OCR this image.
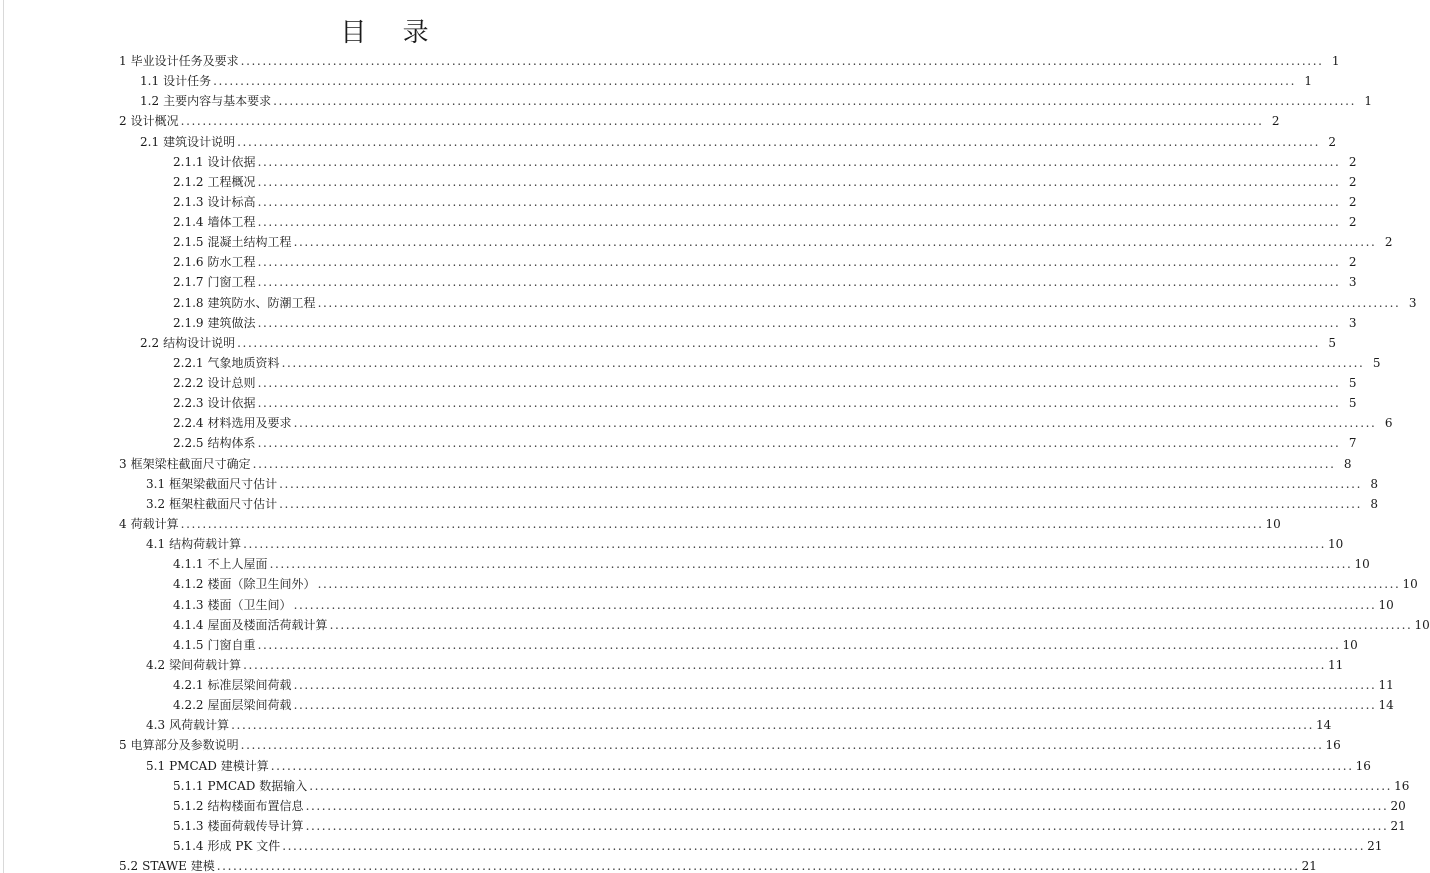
目 录
1 毕业设计任务及要求 ........................................................................................................................................................................................................ 1
1.1 设计任务 ........................................................................................................................................................................................................ 1
1.2 主要内容与基本要求 ........................................................................................................................................................................................................ 1
2 设计概况 ........................................................................................................................................................................................................ 2
2.1 建筑设计说明 ........................................................................................................................................................................................................ 2
2.1.1 设计依据 ........................................................................................................................................................................................................ 2
2.1.2 工程概况 ........................................................................................................................................................................................................ 2
2.1.3 设计标高 ........................................................................................................................................................................................................ 2
2.1.4 墙体工程 ........................................................................................................................................................................................................ 2
2.1.5 混凝土结构工程 ........................................................................................................................................................................................................ 2
2.1.6 防水工程 ........................................................................................................................................................................................................ 2
2.1.7 门窗工程 ........................................................................................................................................................................................................ 3
2.1.8 建筑防水、防潮工程 ........................................................................................................................................................................................................ 3
2.1.9 建筑做法 ........................................................................................................................................................................................................ 3
2.2 结构设计说明 ........................................................................................................................................................................................................ 5
2.2.1 气象地质资料 ........................................................................................................................................................................................................ 5
2.2.2 设计总则 ........................................................................................................................................................................................................ 5
2.2.3 设计依据 ........................................................................................................................................................................................................ 5
2.2.4 材料选用及要求 ........................................................................................................................................................................................................ 6
2.2.5 结构体系 ........................................................................................................................................................................................................ 7
3 框架梁柱截面尺寸确定 ........................................................................................................................................................................................................ 8
3.1 框架梁截面尺寸估计 ........................................................................................................................................................................................................ 8
3.2 框架柱截面尺寸估计 ........................................................................................................................................................................................................ 8
4 荷载计算 ........................................................................................................................................................................................................ 10
4.1 结构荷载计算 ........................................................................................................................................................................................................ 10
4.1.1 不上人屋面 ........................................................................................................................................................................................................ 10
4.1.2 楼面（除卫生间外） ........................................................................................................................................................................................................ 10
4.1.3 楼面（卫生间） ........................................................................................................................................................................................................ 10
4.1.4 屋面及楼面活荷载计算 ........................................................................................................................................................................................................ 10
4.1.5 门窗自重 ........................................................................................................................................................................................................ 10
4.2 梁间荷载计算 ........................................................................................................................................................................................................ 11
4.2.1 标准层梁间荷载 ........................................................................................................................................................................................................ 11
4.2.2 屋面层梁间荷载 ........................................................................................................................................................................................................ 14
4.3 风荷载计算 ........................................................................................................................................................................................................ 14
5 电算部分及参数说明 ........................................................................................................................................................................................................ 16
5.1 PMCAD 建模计算 ........................................................................................................................................................................................................ 16
5.1.1 PMCAD 数据输入 ........................................................................................................................................................................................................ 16
5.1.2 结构楼面布置信息 ........................................................................................................................................................................................................ 20
5.1.3 楼面荷载传导计算 ........................................................................................................................................................................................................ 21
5.1.4 形成 PK 文件 ........................................................................................................................................................................................................ 21
5.2 STAWE 建模 ........................................................................................................................................................................................................ 21
